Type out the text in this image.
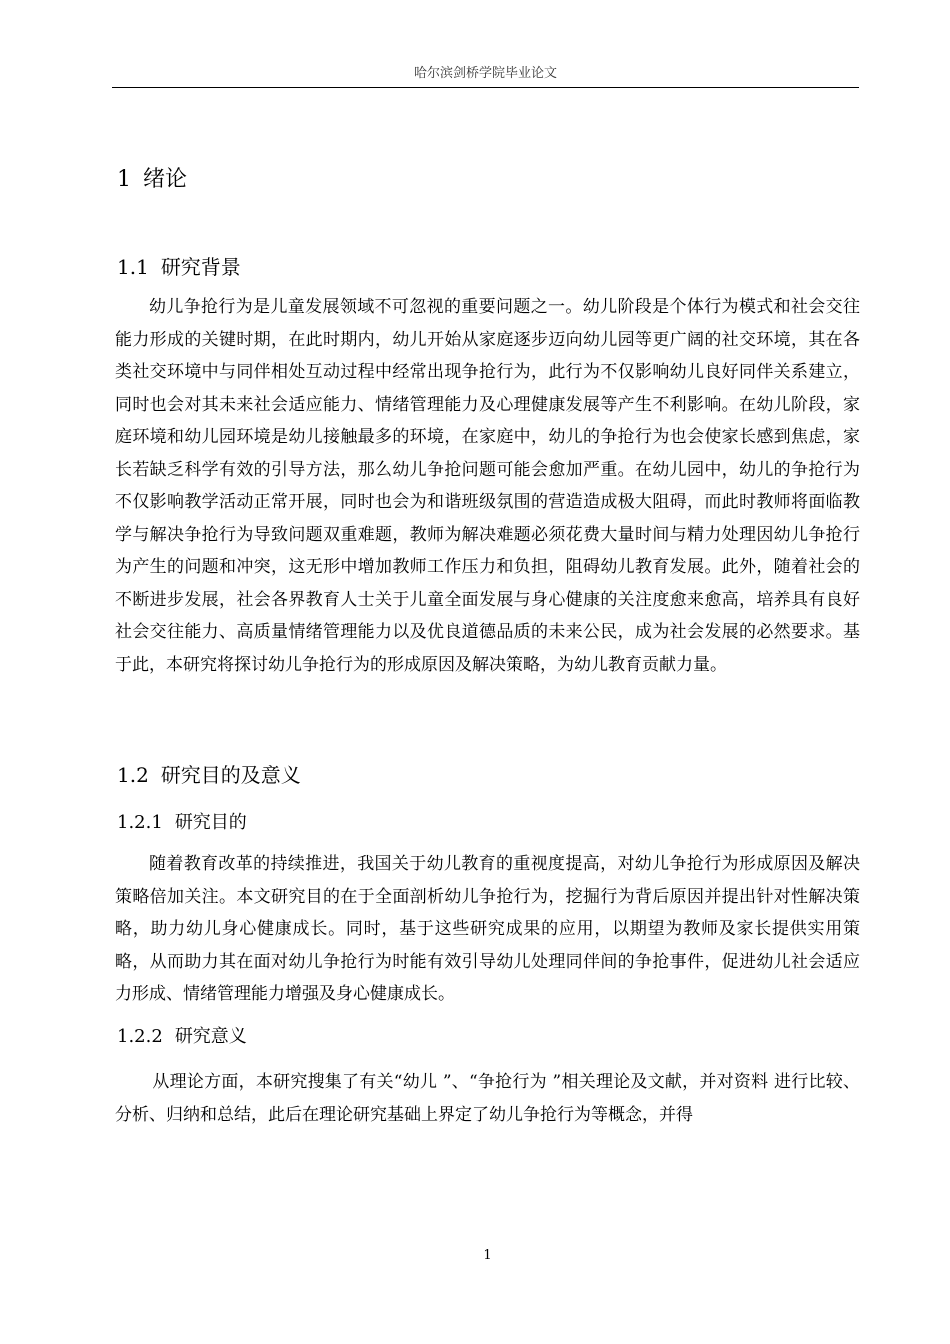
哈尔滨剑桥学院毕业论文
1 绪论
1.1 研究背景

幼儿争抢行为是儿童发展领域不可忽视的重要问题之一。幼儿阶段是个体行为模式和社会交往能力形成的关键时期，在此时期内，幼儿开始从家庭逐步迈向幼儿园等更广阔的社交环境，其在各类社交环境中与同伴相处互动过程中经常出现争抢行为，此行为不仅影响幼儿良好同伴关系建立，同时也会对其未来社会适应能力、情绪管理能力及心理健康发展等产生不利影响。在幼儿阶段，家庭环境和幼儿园环境是幼儿接触最多的环境，在家庭中，幼儿的争抢行为也会使家长感到焦虑，家长若缺乏科学有效的引导方法，那么幼儿争抢问题可能会愈加严重。在幼儿园中，幼儿的争抢行为不仅影响教学活动正常开展，同时也会为和谐班级氛围的营造造成极大阻碍，而此时教师将面临教学与解决争抢行为导致问题双重难题，教师为解决难题必须花费大量时间与精力处理因幼儿争抢行为产生的问题和冲突，这无形中增加教师工作压力和负担，阻碍幼儿教育发展。此外，随着社会的不断进步发展，社会各界教育人士关于儿童全面发展与身心健康的关注度愈来愈高，培养具有良好社会交往能力、高质量情绪管理能力以及优良道德品质的未来公民，成为社会发展的必然要求。基于此，本研究将探讨幼儿争抢行为的形成原因及解决策略，为幼儿教育贡献力量。

1.2 研究目的及意义
1.2.1 研究目的

随着教育改革的持续推进，我国关于幼儿教育的重视度提高，对幼儿争抢行为形成原因及解决策略倍加关注。本文研究目的在于全面剖析幼儿争抢行为，挖掘行为背后原因并提出针对性解决策略，助力幼儿身心健康成长。同时，基于这些研究成果的应用，以期望为教师及家长提供实用策略，从而助力其在面对幼儿争抢行为时能有效引导幼儿处理同伴间的争抢事件，促进幼儿社会适应力形成、情绪管理能力增强及身心健康成长。

1.2.2 研究意义

从理论方面，本研究搜集了有关“幼儿 ”、“争抢行为 ”相关理论及文献，并对资料 进行比较、分析、归纳和总结，此后在理论研究基础上界定了幼儿争抢行为等概念，并得

1
